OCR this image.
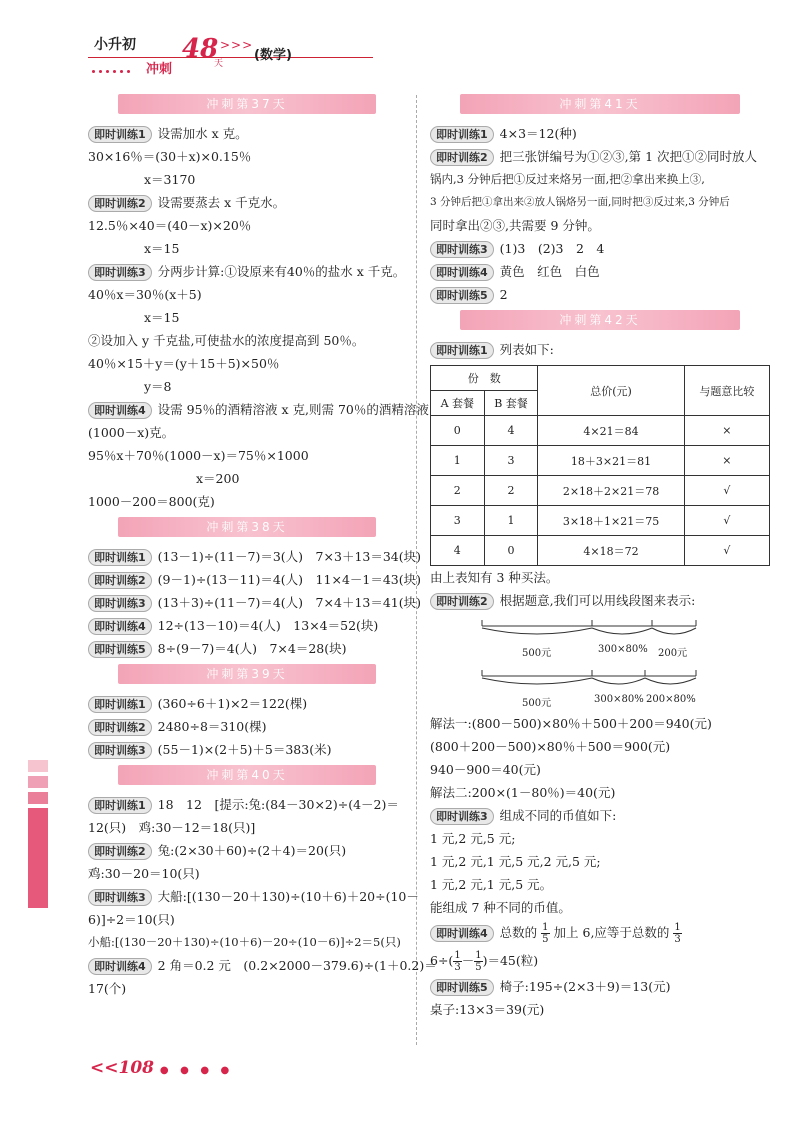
小升初
冲刺
48
天
>>>
(数学)
冲刺第37天
即时训练1 设需加水 x 克。
30×16％＝(30＋x)×0.15％
x＝3170
即时训练2 设需要蒸去 x 千克水。
12.5％×40＝(40－x)×20％
x＝15
即时训练3 分两步计算:①设原来有40％的盐水 x 千克。
40％x＝30％(x＋5)
x＝15
②设加入 y 千克盐,可使盐水的浓度提高到 50％。
40％×15＋y＝(y＋15＋5)×50％
y＝8
即时训练4 设需 95％的酒精溶液 x 克,则需 70％的酒精溶液
(1000－x)克。
95％x＋70％(1000－x)＝75％×1000
x＝200
1000－200＝800(克)
冲刺第38天
即时训练1 (13－1)÷(11－7)＝3(人)　7×3＋13＝34(块)
即时训练2 (9－1)÷(13－11)＝4(人)　11×4－1＝43(块)
即时训练3 (13＋3)÷(11－7)＝4(人)　7×4＋13＝41(块)
即时训练4 12÷(13－10)＝4(人)　13×4＝52(块)
即时训练5 8÷(9－7)＝4(人)　7×4＝28(块)
冲刺第39天
即时训练1 (360÷6＋1)×2＝122(棵)
即时训练2 2480÷8＝310(棵)
即时训练3 (55－1)×(2＋5)＋5＝383(米)
冲刺第40天
即时训练1 18　12　[提示:兔:(84－30×2)÷(4－2)＝
12(只)　鸡:30－12＝18(只)]
即时训练2 兔:(2×30＋60)÷(2＋4)＝20(只)
鸡:30－20＝10(只)
即时训练3 大船:[(130－20＋130)÷(10＋6)＋20÷(10－
6)]÷2＝10(只)
小船:[(130－20＋130)÷(10＋6)－20÷(10－6)]÷2＝5(只)
即时训练4 2 角＝0.2 元　(0.2×2000－379.6)÷(1＋0.2)＝
17(个)
冲刺第41天
即时训练1 4×3＝12(种)
即时训练2 把三张饼编号为①②③,第 1 次把①②同时放人
锅内,3 分钟后把①反过来烙另一面,把②拿出来换上③,
3 分钟后把①拿出来②放人锅烙另一面,同时把③反过来,3 分钟后
同时拿出②③,共需要 9 分钟。
即时训练3 (1)3　(2)3　2　4
即时训练4 黄色　红色　白色
即时训练5 2
冲刺第42天
即时训练1 列表如下:
份　数		总价(元)	与题意比较
A 套餐	B 套餐		
0	4	4×21＝84	×
1	3	18＋3×21＝81	×
2	2	2×18＋2×21＝78	√
3	1	3×18＋1×21＝75	√
4	0	4×18＝72	√
由上表知有 3 种买法。
即时训练2 根据题意,我们可以用线段图来表示:
500元	300×80% 200元
500元	300×80% 200×80%
解法一:(800－500)×80％＋500＋200＝940(元)
(800＋200－500)×80％＋500＝900(元)
940－900＝40(元)
解法二:200×(1－80％)＝40(元)
即时训练3 组成不同的币值如下:
1 元,2 元,5 元;
1 元,2 元,1 元,5 元,2 元,5 元;
1 元,2 元,1 元,5 元。
能组成 7 种不同的币值。
即时训练4 总数的 $\frac{1}{5}$ 加上 6,应等于总数的 $\frac{1}{3}$
$6\div( \frac{1}{3} - \frac{1}{5} )=45$(粒)
即时训练5 椅子:195÷(2×3＋9)＝13(元)
桌子:13×3＝39(元)
<<108 ● ● ● ●
